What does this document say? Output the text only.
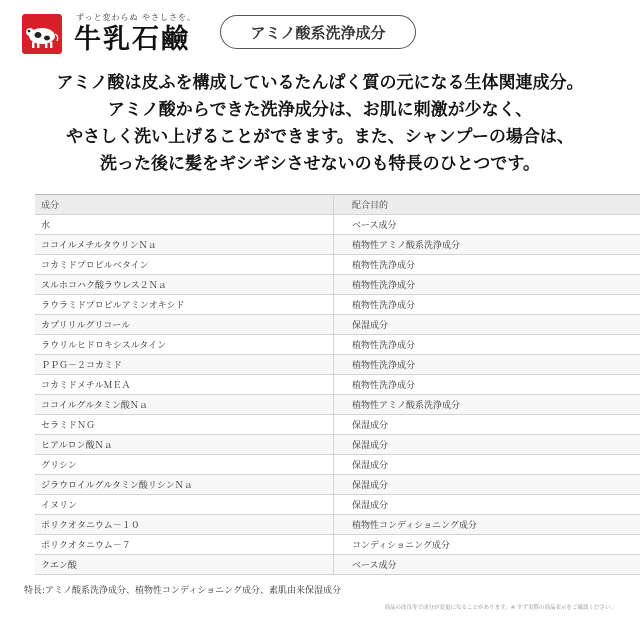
ずっと変わらぬ やさしさを。
牛乳石鹼	アミノ酸系洗浄成分
アミノ酸は皮ふを構成しているたんぱく質の元になる生体関連成分。
アミノ酸からできた洗浄成分は、お肌に刺激が少なく、
やさしく洗い上げることができます。また、シャンプーの場合は、
洗った後に髪をギシギシさせないのも特長のひとつです。
成分	配合目的
水	ベース成分
ココイルメチルタウリンＮａ	植物性アミノ酸系洗浄成分
コカミドプロピルベタイン	植物性洗浄成分
スルホコハク酸ラウレス２Ｎａ	植物性洗浄成分
ラウラミドプロピルアミンオキシド	植物性洗浄成分
カプリリルグリコール	保湿成分
ラウリルヒドロキシスルタイン	植物性洗浄成分
ＰＰＧ－２コカミド	植物性洗浄成分
コカミドメチルＭＥＡ	植物性洗浄成分
ココイルグルタミン酸Ｎａ	植物性アミノ酸系洗浄成分
セラミドＮＧ	保湿成分
ヒアルロン酸Ｎａ	保湿成分
グリシン	保湿成分
ジラウロイルグルタミン酸リシンＮａ	保湿成分
イヌリン	保湿成分
ポリクオタニウム－１０	植物性コンディショニング成分
ポリクオタニウム－７	コンディショニング成分
クエン酸	ベース成分
特長:アミノ酸系洗浄成分、植物性コンディショニング成分、素肌由来保湿成分
商品の改良等で成分が変更になることがあります。※ すず実際の商品表示をご確認ください。
